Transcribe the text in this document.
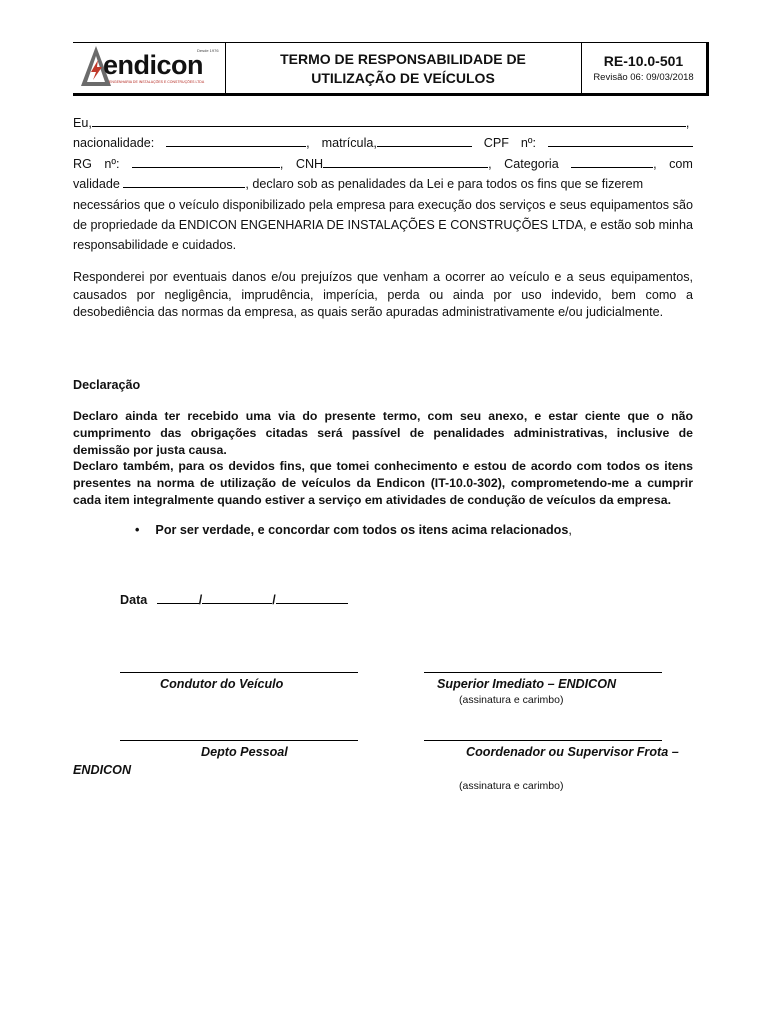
endicon
Desde 1976
ENGENHARIA DE INSTALAÇÕES E CONSTRUÇÕES LTDA
TERMO DE RESPONSABILIDADE DE
UTILIZAÇÃO DE VEÍCULOS
RE-10.0-501
Revisão 06: 09/03/2018
Eu,	,
nacionalidade:	, matrícula,	CPF nº:
RG nº:	, CNH	, Categoria	, com
validade	, declaro sob as penalidades da Lei e para todos os fins que se fizerem
necessários que o veículo disponibilizado pela empresa para execução dos serviços e seus equipamentos são de propriedade da ENDICON ENGENHARIA DE INSTALAÇÕES E CONSTRUÇÕES LTDA, e estão sob minha responsabilidade e cuidados.
Responderei por eventuais danos e/ou prejuízos que venham a ocorrer ao veículo e a seus equipamentos, causados por negligência, imprudência, imperícia, perda ou ainda por uso indevido, bem como a desobediência das normas da empresa, as quais serão apuradas administrativamente e/ou judicialmente.
Declaração
Declaro ainda ter recebido uma via do presente termo, com seu anexo, e estar ciente que o não cumprimento das obrigações citadas será passível de penalidades administrativas, inclusive de demissão por justa causa.
Declaro também, para os devidos fins, que tomei conhecimento e estou de acordo com todos os itens presentes na norma de utilização de veículos da Endicon (IT-10.0-302), comprometendo-me a cumprir cada item integralmente quando estiver a serviço em atividades de condução de veículos da empresa.
• Por ser verdade, e concordar com todos os itens acima relacionados,
Data	/	/
Condutor do Veículo	Superior Imediato – ENDICON
(assinatura e carimbo)
Depto Pessoal	Coordenador ou Supervisor Frota –
ENDICON
(assinatura e carimbo)
